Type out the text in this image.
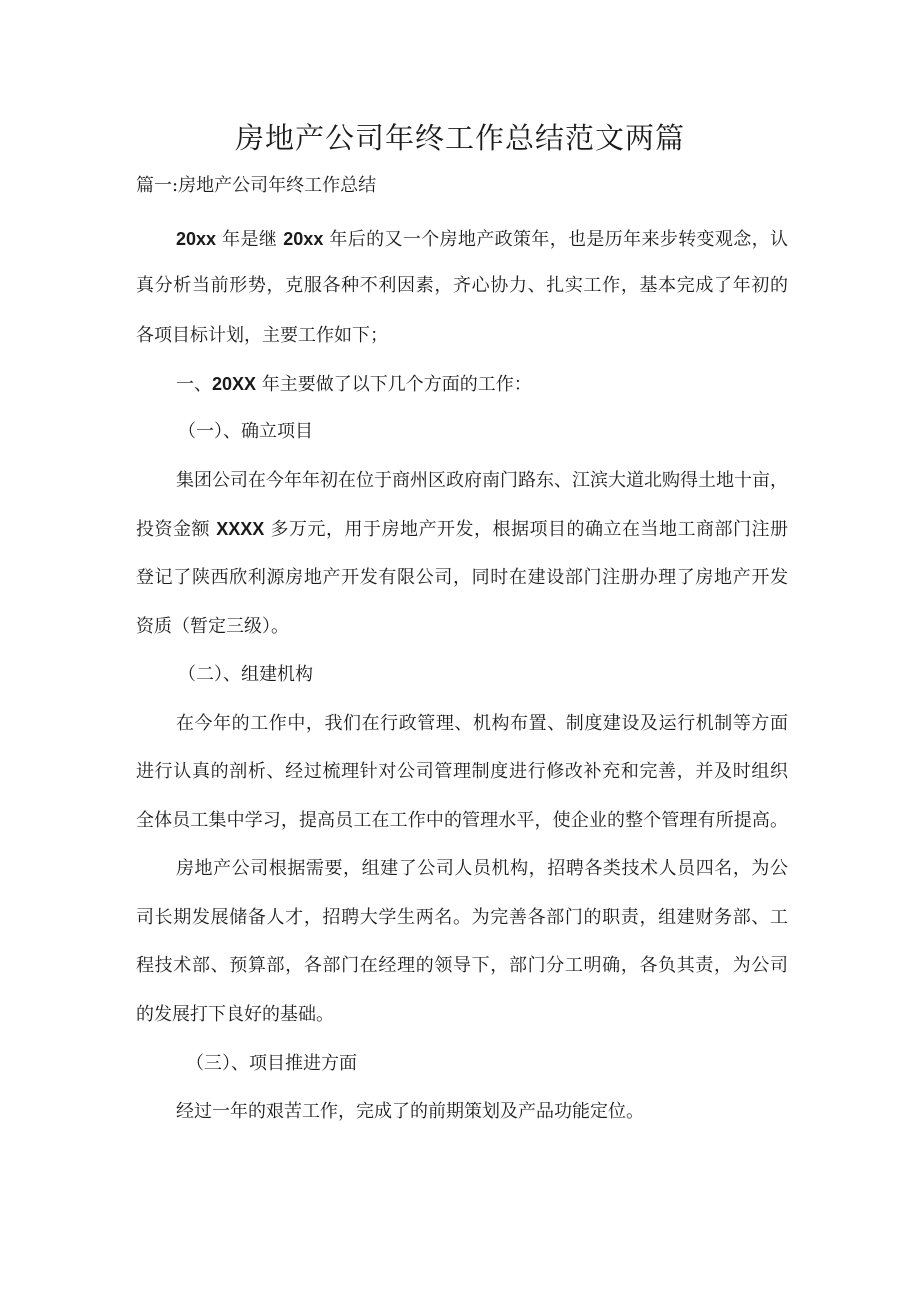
房地产公司年终工作总结范文两篇
篇一:房地产公司年终工作总结
20xx 年是继 20xx 年后的又一个房地产政策年，也是历年来步转变观念，认
真分析当前形势，克服各种不利因素，齐心协力、扎实工作，基本完成了年初的
各项目标计划，主要工作如下；
一、20XX 年主要做了以下几个方面的工作：
（一）、确立项目
集团公司在今年年初在位于商州区政府南门路东、江滨大道北购得土地十亩，
投资金额 XXXX 多万元，用于房地产开发，根据项目的确立在当地工商部门注册
登记了陕西欣利源房地产开发有限公司，同时在建设部门注册办理了房地产开发
资质（暂定三级）。
（二）、组建机构
在今年的工作中，我们在行政管理、机构布置、制度建设及运行机制等方面
进行认真的剖析、经过梳理针对公司管理制度进行修改补充和完善，并及时组织
全体员工集中学习，提高员工在工作中的管理水平，使企业的整个管理有所提高。
房地产公司根据需要，组建了公司人员机构，招聘各类技术人员四名，为公
司长期发展储备人才，招聘大学生两名。为完善各部门的职责，组建财务部、工
程技术部、预算部，各部门在经理的领导下，部门分工明确，各负其责，为公司
的发展打下良好的基础。
（三）、项目推进方面
经过一年的艰苦工作，完成了的前期策划及产品功能定位。
